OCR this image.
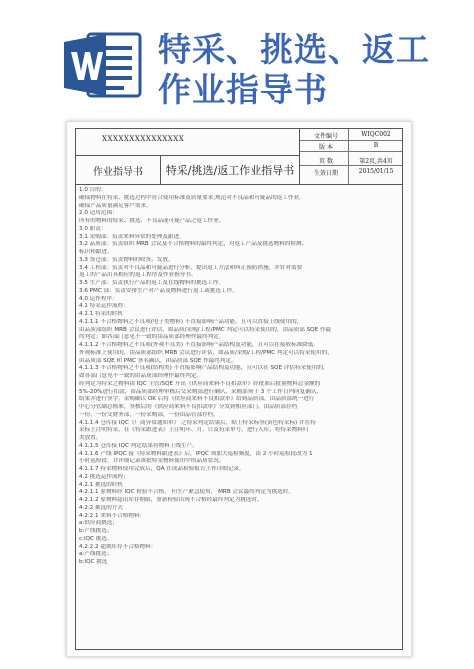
特采、挑选、返工
作业指导书
XXXXXXXXXXXXXXX
作业指导书	特采/挑选/返工作业指导书
文件编号	WIQC002
版 本	B
页 数	第2页,共4页
生效日期	2015/01/15
1.0 目的：
确保物料在特采、挑选过程中符合使用标准及质量要求;规范对不良品和可疑品的返工作业,
确保产品质量满足客户需求。
2.0 适用范围：
所有的物料的特采、挑选、不良品或可疑产品之返工作业。
3.0 职责：
3.1 采购部：负责来料异常的处理及跟进。
3.2 品质部：负责组织 MRB 会议及不合格物料的最终判定，对返工产品及挑选物料的检测、
标识和跟进。
3.3 货仓部：负责物料的收货、发放。
3.4 工程部：负责对不良品和可疑品进行分析，提出返工方法和纠正预防措施，并针对需要
返工的产品出具相应的返工程序及作业指导书。
3.5 生产部：负责执行产品的返工及在线物料的挑选工作。
3.6 PMC 部：负责安排生产对产品及物料进行返工或挑选工作。
4.0 运作程序：
4.1 特采运作流程：
4.1.1 特采的时机
4.1.1.1 不合格物料之不良项(电子类物料) 不直接影响产品功能，且可以直接上线使用的，
由品质部组织 MRB 会议进行评估，如品质/采购/工程/PMC 判定可以特采使用的，由品质部 SQE 作最
终判定；如各部门意见不一致的由品质部经理作最终判定。
4.1.1.2 不合格物料之不良项(外观不良类) 不直接影响产品结构及功能，且可以在接收标准降低
外观标准上使用的，由品质部组织 MRB 会议进行评估，如品质/采购/工程/PMC 判定可以特采使用的，
由品质部 SQE 和 PMC 签名确认，由品质部 SQE 作最终判定。
4.1.1.3 不合格物料之不良项(结构类) 不直接影响产品结构及功能，且可以在 SQE 评估特采使用的，
如各部门意见不一致的由品质部经理作最终判定。
经判定为特采之物料由 IQC 主管/SQE 开出《供应商来料不良扣款单》经批准后批量物料总金额的
5%-20%进行扣款，由品质部经理审核后交采购部进行确认，采购部须于 3 个工作日内回复确认，
结果并进行签字，采购确认 OK 后将《供应商来料不良扣款单》给到品质部，由品质部统一进行
中心分管副总核准，签核后的《供应商来料不良扣款单》分发到相应部门，由品质部存档
一份，一份交财务部，一份采购部，一份由品管部存档。
4.1.1.4 仓库接 IQC《厂商异常通知单》 之特采判定结果后，贴上特采标签(黄色特采标) 并在特
采标上注明特采，在《特采跟进表》上注明年、月、日及特采单号，进行入库，将特采物料归
类放置。
4.1.1.5 仓库接 IQC 判定结果将物料上线生产。
4.1.1.6 产线 IPQC 接《特采物料跟进表》后，IPQC 须加大巡检频度，由 2 小时巡检段改为 1
小时巡检段，并详细记录该批特采物料使用中的品质状况。
4.1.1.7 特采物料使用完成后，QA 在成品检验报告上作详细记录。
4.2 挑选运作流程：
4.2.1 挑选的时机
4.2.1.1 原物料经 IQC 检验不合格， 但生产紧急使用， MRB 会议最终判定为挑选时。
4.2.1.2 原物料超出库存期限，重新检验出现不合格经最终判定为挑选时。
4.2.2 挑选的方式
4.2.2.1 来料不合格物料：
a:供应商挑选；
b:产线挑选；
c:IQC 挑选。
4.2.2.2 超期库存不合格物料：
a:产线挑选；
b:IQC 挑选
